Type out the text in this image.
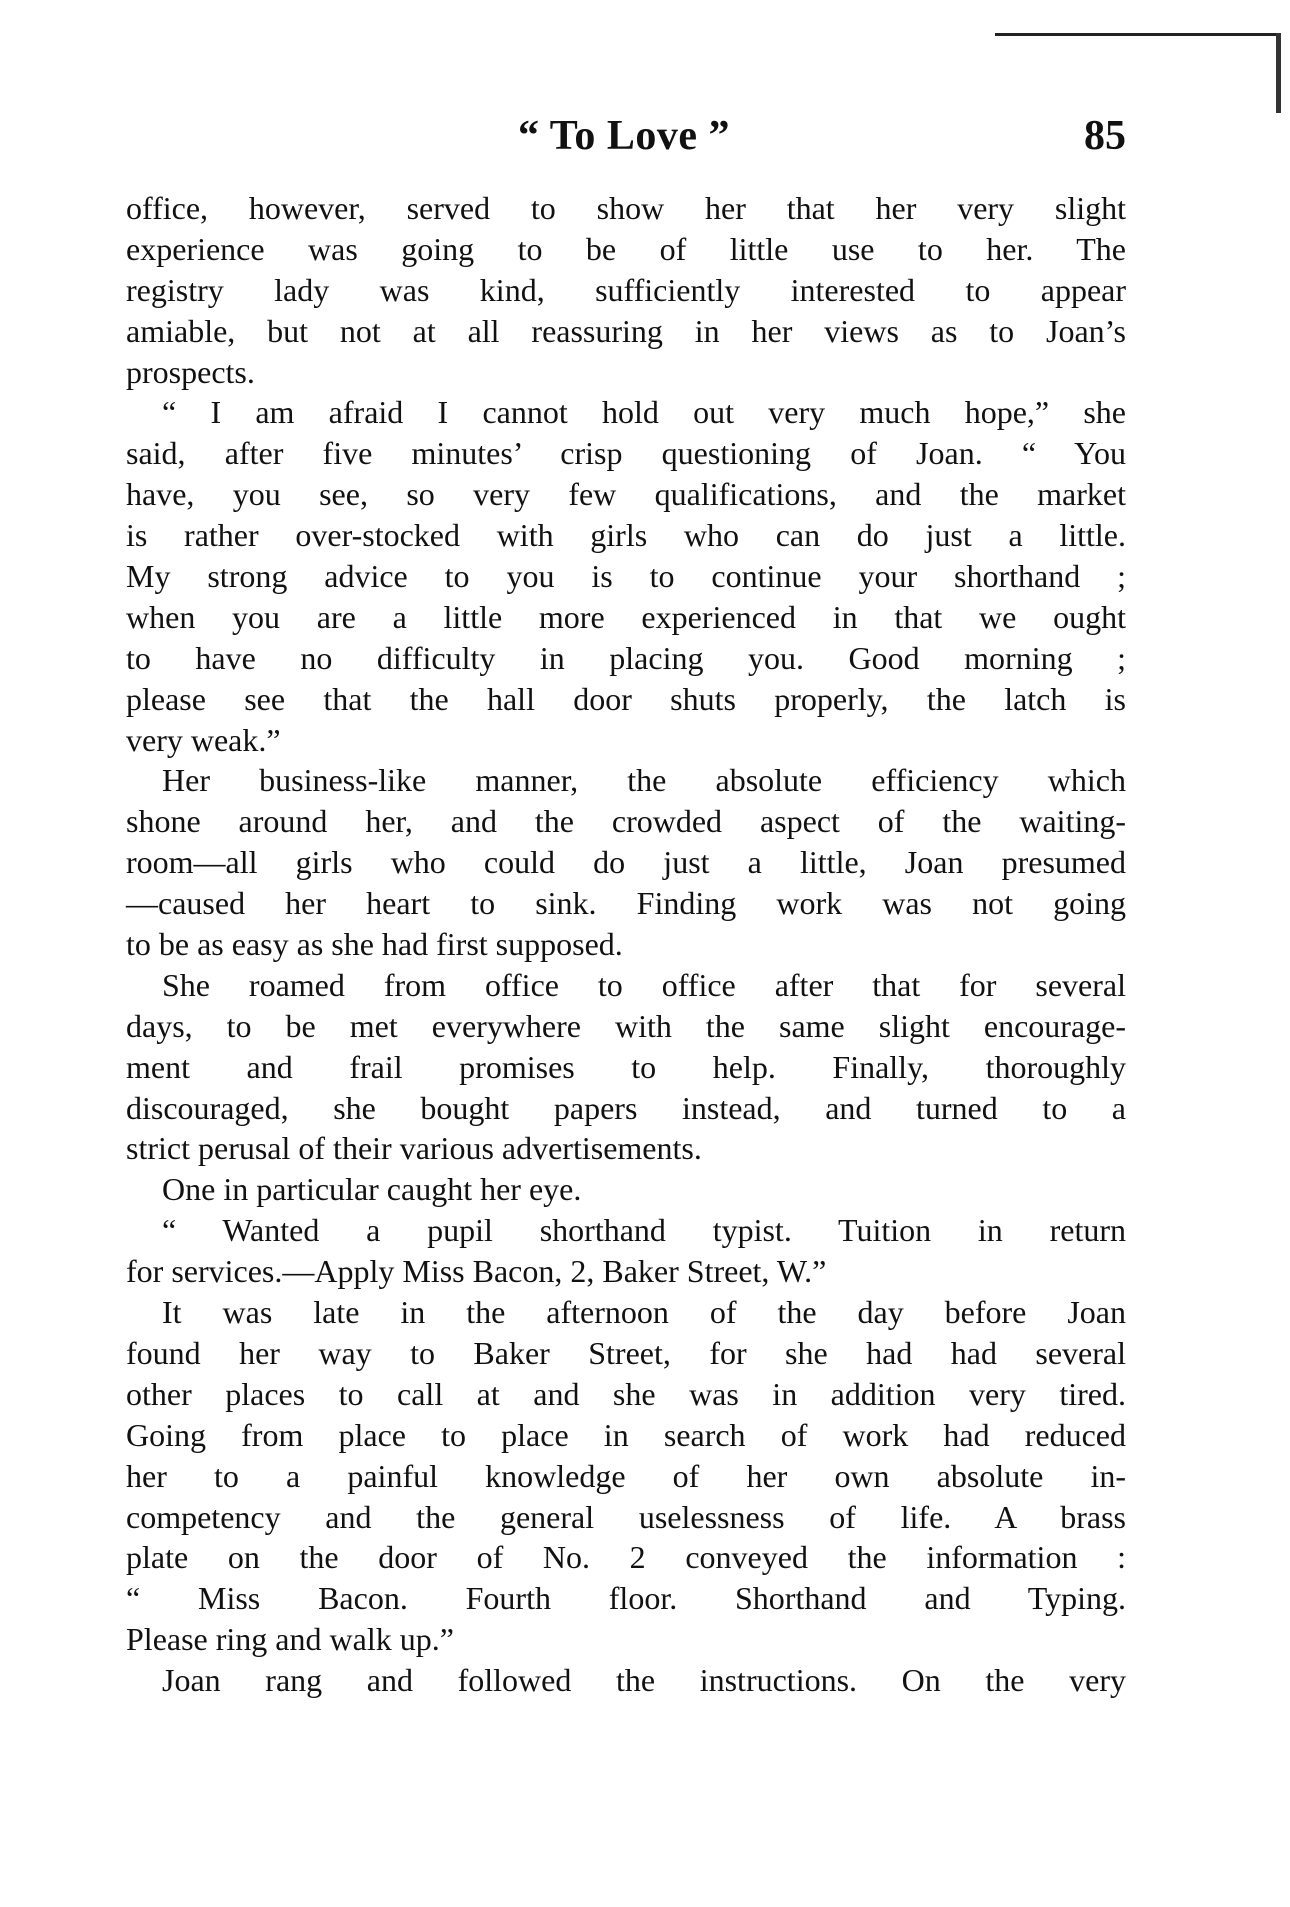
“ To Love ”	85
office, however, served to show her that her very slight
experience was going to be of little use to her. The
registry lady was kind, sufficiently interested to appear
amiable, but not at all reassuring in her views as to Joan’s
prospects.
“ I am afraid I cannot hold out very much hope,” she
said, after five minutes’ crisp questioning of Joan. “ You
have, you see, so very few qualifications, and the market
is rather over-stocked with girls who can do just a little.
My strong advice to you is to continue your shorthand ;
when you are a little more experienced in that we ought
to have no difficulty in placing you. Good morning ;
please see that the hall door shuts properly, the latch is
very weak.”
Her business-like manner, the absolute efficiency which
shone around her, and the crowded aspect of the waiting-
room—all girls who could do just a little, Joan presumed
—caused her heart to sink. Finding work was not going
to be as easy as she had first supposed.
She roamed from office to office after that for several
days, to be met everywhere with the same slight encourage-
ment and frail promises to help. Finally, thoroughly
discouraged, she bought papers instead, and turned to a
strict perusal of their various advertisements.
One in particular caught her eye.
“ Wanted a pupil shorthand typist. Tuition in return
for services.—Apply Miss Bacon, 2, Baker Street, W.”
It was late in the afternoon of the day before Joan
found her way to Baker Street, for she had had several
other places to call at and she was in addition very tired.
Going from place to place in search of work had reduced
her to a painful knowledge of her own absolute in-
competency and the general uselessness of life. A brass
plate on the door of No. 2 conveyed the information :
“ Miss Bacon. Fourth floor. Shorthand and Typing.
Please ring and walk up.”
Joan rang and followed the instructions. On the very
